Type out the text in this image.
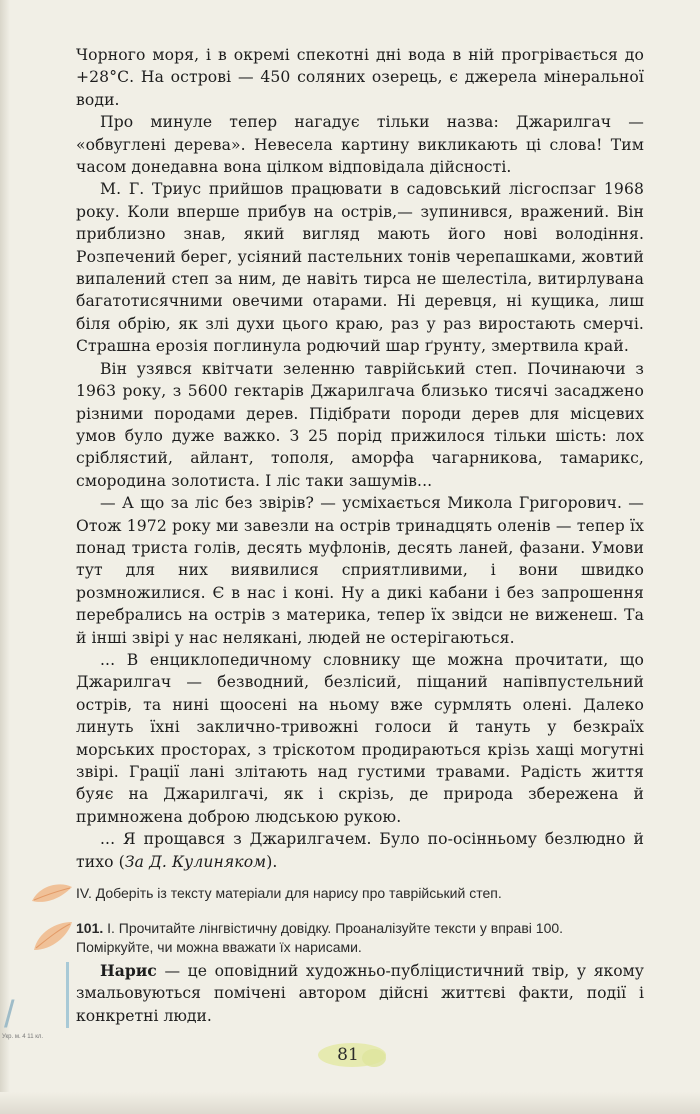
Чорного моря, і в окремі спекотні дні вода в ній прогрівається до +28°С. На острові — 450 соляних озерець, є джерела мінеральної води.

Про минуле тепер нагадує тільки назва: Джарилгач — «обвуглені дерева». Невесела картину викликають ці слова! Тим часом донедавна вона цілком відповідала дійсності.

М. Г. Триус прийшов працювати в садовський лісгоспзаг 1968 року. Коли вперше прибув на острів,— зупинився, вражений. Він приблизно знав, який вигляд мають його нові володіння. Розпечений берег, усіяний пастельних тонів черепашками, жовтий випалений степ за ним, де навіть тирса не шелестіла, витирлувана багатотисячними овечими отарами. Ні деревця, ні кущика, лиш біля обрію, як злі духи цього краю, раз у раз виростають смерчі. Страшна ерозія поглинула родючий шар ґрунту, змертвила край.

Він узявся квітчати зеленню таврійський степ. Починаючи з 1963 року, з 5600 гектарів Джарилгача близько тисячі засаджено різними породами дерев. Підібрати породи дерев для місцевих умов було дуже важко. З 25 порід прижилося тільки шість: лох сріблястий, айлант, тополя, аморфа чагарникова, тамарикс, смородина золотиста. І ліс таки зашумів...

— А що за ліс без звірів? — усміхається Микола Григорович. — Отож 1972 року ми завезли на острів тринадцять оленів — тепер їх понад триста голів, десять муфлонів, десять ланей, фазани. Умови тут для них виявилися сприятливими, і вони швидко розмножилися. Є в нас і коні. Ну а дикі кабани і без запрошення перебрались на острів з материка, тепер їх звідси не виженеш. Та й інші звірі у нас нелякані, людей не остерігаються.

... В енциклопедичному словнику ще можна прочитати, що Джарилгач — безводний, безлісий, піщаний напівпустельний острів, та нині щоосені на ньому вже сурмлять олені. Далеко линуть їхні заклично-тривожні голоси й тануть у безкраїх морських просторах, з тріскотом продираються крізь хащі могутні звірі. Грації лані злітають над густими травами. Радість життя буяє на Джарилгачі, як і скрізь, де природа збережена й примножена доброю людською рукою.

... Я прощався з Джарилгачем. Було по-осінньому безлюдно й тихо (За Д. Кулиняком).

IV. Доберіть із тексту матеріали для нарису про таврійський степ.
101. І. Прочитайте лінгвістичну довідку. Проаналізуйте тексти у вправі 100. Поміркуйте, чи можна вважати їх нарисами.
/
Нарис — це оповідний художньо-публіцистичний твір, у якому змальовуються помічені автором дійсні життєві факти, події і конкретні люди.
Укр. м. 4 11 кл.
81
